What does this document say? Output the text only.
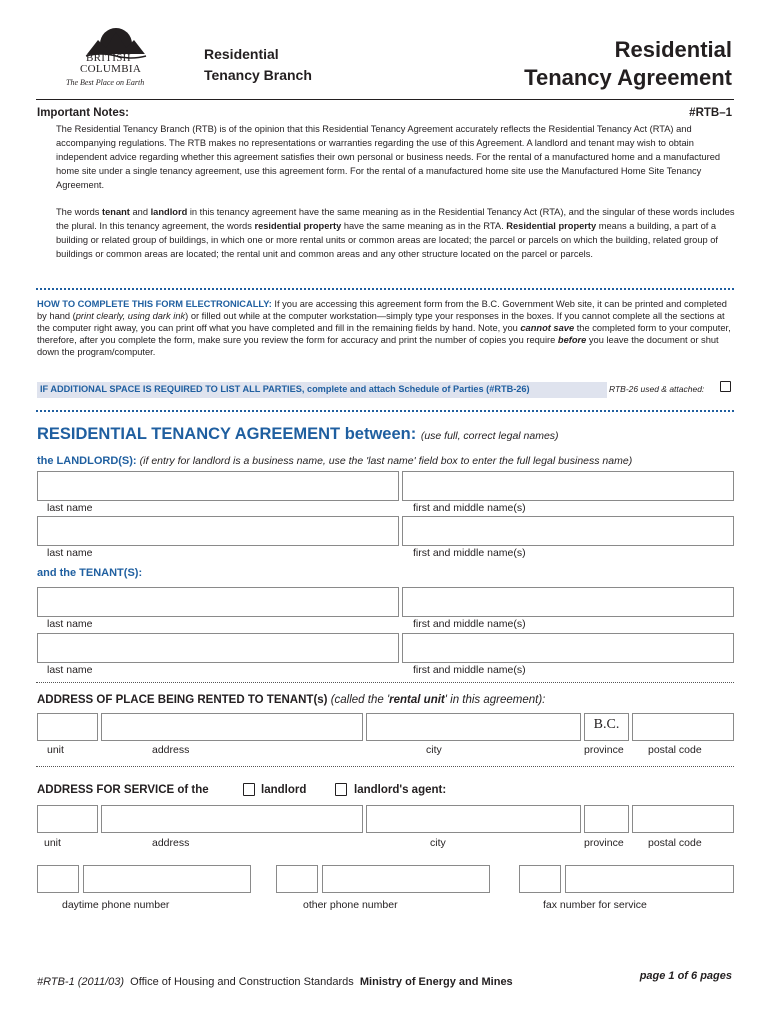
BRITISH
COLUMBIA
The Best Place on Earth
Residential
Tenancy Branch
Residential
Tenancy Agreement
Important Notes:	#RTB–1
The Residential Tenancy Branch (RTB) is of the opinion that this Residential Tenancy Agreement accurately reflects the Residential Tenancy Act (RTA) and accompanying regulations. The RTB makes no representations or warranties regarding the use of this Agreement. A landlord and tenant may wish to obtain independent advice regarding whether this agreement satisfies their own personal or business needs. For the rental of a manufactured home and a manufactured home site under a single tenancy agreement, use this agreement form. For the rental of a manufactured home site use the Manufactured Home Site Tenancy Agreement.
The words tenant and landlord in this tenancy agreement have the same meaning as in the Residential Tenancy Act (RTA), and the singular of these words includes the plural. In this tenancy agreement, the words residential property have the same meaning as in the RTA. Residential property means a building, a part of a building or related group of buildings, in which one or more rental units or common areas are located; the parcel or parcels on which the building, related group of buildings or common areas are located; the rental unit and common areas and any other structure located on the parcel or parcels.
HOW TO COMPLETE THIS FORM ELECTRONICALLY: If you are accessing this agreement form from the B.C. Government Web site, it can be printed and completed by hand (print clearly, using dark ink) or filled out while at the computer workstation—simply type your responses in the boxes. If you cannot complete all the sections at the computer right away, you can print off what you have completed and fill in the remaining fields by hand. Note, you cannot save the completed form to your computer, therefore, after you complete the form, make sure you review the form for accuracy and print the number of copies you require before you leave the document or shut down the program/computer.
IF ADDITIONAL SPACE IS REQUIRED TO LIST ALL PARTIES, complete and attach Schedule of Parties (#RTB-26)	RTB-26 used & attached:
RESIDENTIAL TENANCY AGREEMENT between: (use full, correct legal names)
the LANDLORD(S): (if entry for landlord is a business name, use the 'last name' field box to enter the full legal business name)
last name	first and middle name(s)
last name	first and middle name(s)
and the TENANT(S):
last name	first and middle name(s)
last name	first and middle name(s)
ADDRESS OF PLACE BEING RENTED TO TENANT(s) (called the 'rental unit' in this agreement):
B.C.
unit	address	city	province postal code
ADDRESS FOR SERVICE of the	landlord	landlord's agent:
unit	address	city	province postal code
daytime phone number	other phone number	fax number for service
#RTB-1 (2011/03) Office of Housing and Construction Standards Ministry of Energy and Mines	page 1 of 6 pages
